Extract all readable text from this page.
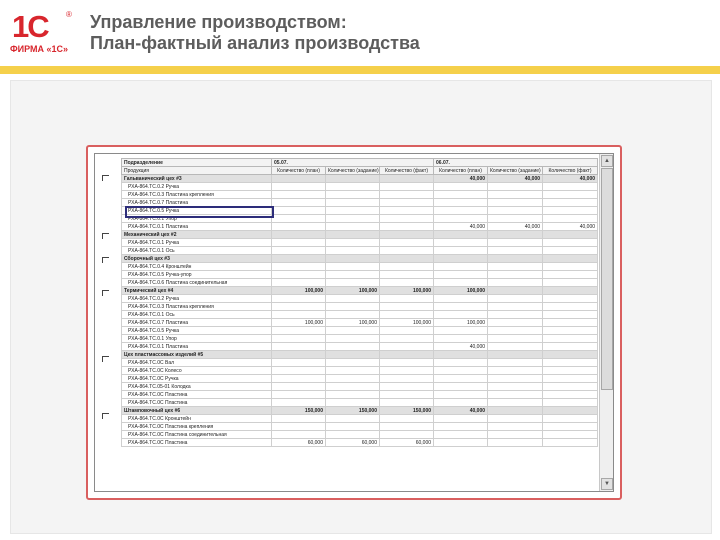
1С ®
ФИРМА «1С»
Управление производством:
План-фактный анализ производства
Подразделение	05.07.			06.07.		
Продукция	Количество (план)	Количество (задание)	Количество (факт)	Количество (план)	Количество (задание)	Количество (факт)
Гальванический цех #3				40,000	40,000	40,000
РХА-864.ТС.0.2 Ручка						
РХА-864.ТС.0.3 Пластина крепления						
РХА-864.ТС.0.7 Пластина						
РХА-864.ТС.0.5 Ручка						
РХА-864.ТС.0.1 Упор						
РХА-864.ТС.0.1 Пластина				40,000	40,000	40,000
Механический цех #2						
РХА-864.ТС.0.1 Ручка						
РХА-864.ТС.0.1 Ось						
Сборочный цех #3						
РХА-864.ТС.0.4 Кронштейн						
РХА-864.ТС.0.5 Ручка-упор						
РХА-864.ТС.0.6 Пластина соединительная						
Термический цех #4	100,000	100,000	100,000	100,000		
РХА-864.ТС.0.2 Ручка						
РХА-864.ТС.0.3 Пластина крепления						
РХА-864.ТС.0.1 Ось						
РХА-864.ТС.0.7 Пластина	100,000	100,000	100,000	100,000		
РХА-864.ТС.0.5 Ручка						
РХА-864.ТС.0.1 Упор						
РХА-864.ТС.0.1 Пластина				40,000		
Цех пластмассовых изделий #5						
РХА-864.ТС.0С Вал						
РХА-864.ТС.0С Колесо						
РХА-864.ТС.0С Ручка						
РХА-864.ТС.05-01 Колодка						
РХА-864.ТС.0С Пластина						
РХА-864.ТС.0С Пластина						
Штамповочный цех #6	150,000	150,000	150,000	40,000		
РХА-864.ТС.0С Кронштейн						
РХА-864.ТС.0С Пластина крепления						
РХА-864.ТС.0С Пластина соединительная						
РХА-864.ТС.0С Пластина	60,000	60,000	60,000			
▲
▼
